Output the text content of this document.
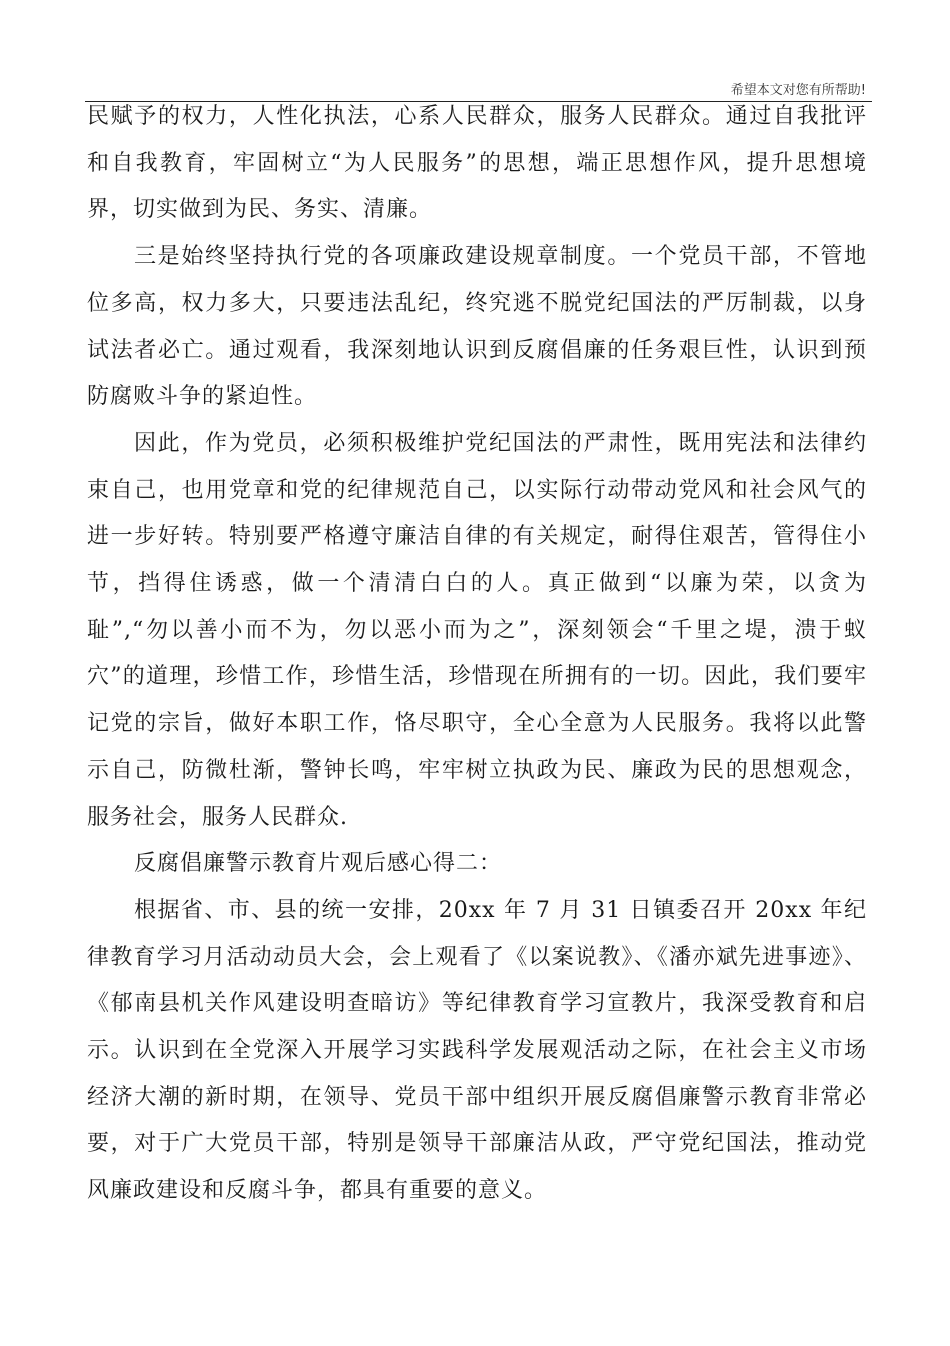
希望本文对您有所帮助!

民赋予的权力，人性化执法，心系人民群众，服务人民群众。通过自我批评和自我教育，牢固树立“为人民服务”的思想，端正思想作风，提升思想境界，切实做到为民、务实、清廉。

三是始终坚持执行党的各项廉政建设规章制度。一个党员干部，不管地位多高，权力多大，只要违法乱纪，终究逃不脱党纪国法的严厉制裁，以身试法者必亡。通过观看，我深刻地认识到反腐倡廉的任务艰巨性，认识到预防腐败斗争的紧迫性。

因此，作为党员，必须积极维护党纪国法的严肃性，既用宪法和法律约束自己，也用党章和党的纪律规范自己，以实际行动带动党风和社会风气的进一步好转。特别要严格遵守廉洁自律的有关规定，耐得住艰苦，管得住小节，挡得住诱惑，做一个清清白白的人。真正做到“以廉为荣，以贪为耻”,“勿以善小而不为，勿以恶小而为之”，深刻领会“千里之堤，溃于蚁穴”的道理，珍惜工作，珍惜生活，珍惜现在所拥有的一切。因此，我们要牢记党的宗旨，做好本职工作，恪尽职守，全心全意为人民服务。我将以此警示自己，防微杜渐，警钟长鸣，牢牢树立执政为民、廉政为民的思想观念，服务社会，服务人民群众.

反腐倡廉警示教育片观后感心得二：

根据省、市、县的统一安排，20xx 年 7 月 31 日镇委召开 20xx 年纪律教育学习月活动动员大会，会上观看了《以案说教》、《潘亦斌先进事迹》、《郁南县机关作风建设明查暗访》等纪律教育学习宣教片，我深受教育和启示。认识到在全党深入开展学习实践科学发展观活动之际，在社会主义市场经济大潮的新时期，在领导、党员干部中组织开展反腐倡廉警示教育非常必要，对于广大党员干部，特别是领导干部廉洁从政，严守党纪国法，推动党风廉政建设和反腐斗争，都具有重要的意义。
